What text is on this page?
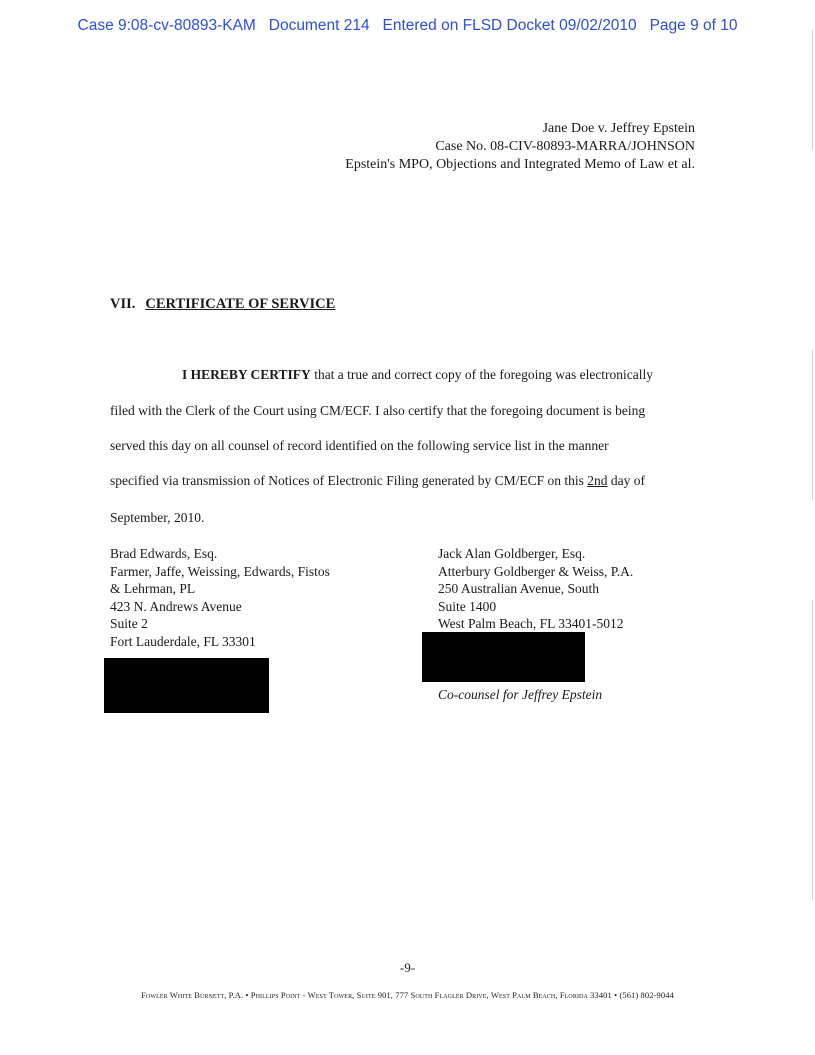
Case 9:08-cv-80893-KAM   Document 214   Entered on FLSD Docket 09/02/2010   Page 9 of 10
Jane Doe v. Jeffrey Epstein
Case No. 08-CIV-80893-MARRA/JOHNSON
Epstein's MPO, Objections and Integrated Memo of Law et al.
VII. CERTIFICATE OF SERVICE
I HEREBY CERTIFY that a true and correct copy of the foregoing was electronically
filed with the Clerk of the Court using CM/ECF. I also certify that the foregoing document is being
served this day on all counsel of record identified on the following service list in the manner
specified via transmission of Notices of Electronic Filing generated by CM/ECF on this 2nd day of
September, 2010.
Brad Edwards, Esq.
Farmer, Jaffe, Weissing, Edwards, Fistos
& Lehrman, PL
423 N. Andrews Avenue
Suite 2
Fort Lauderdale, FL 33301
Jack Alan Goldberger, Esq.
Atterbury Goldberger & Weiss, P.A.
250 Australian Avenue, South
Suite 1400
West Palm Beach, FL 33401-5012
Co-counsel for Jeffrey Epstein
-9-
Fowler White Burnett, P.A. • Phillips Point - West Tower, Suite 901, 777 South Flagler Drive, West Palm Beach, Florida 33401 • (561) 802-9044
